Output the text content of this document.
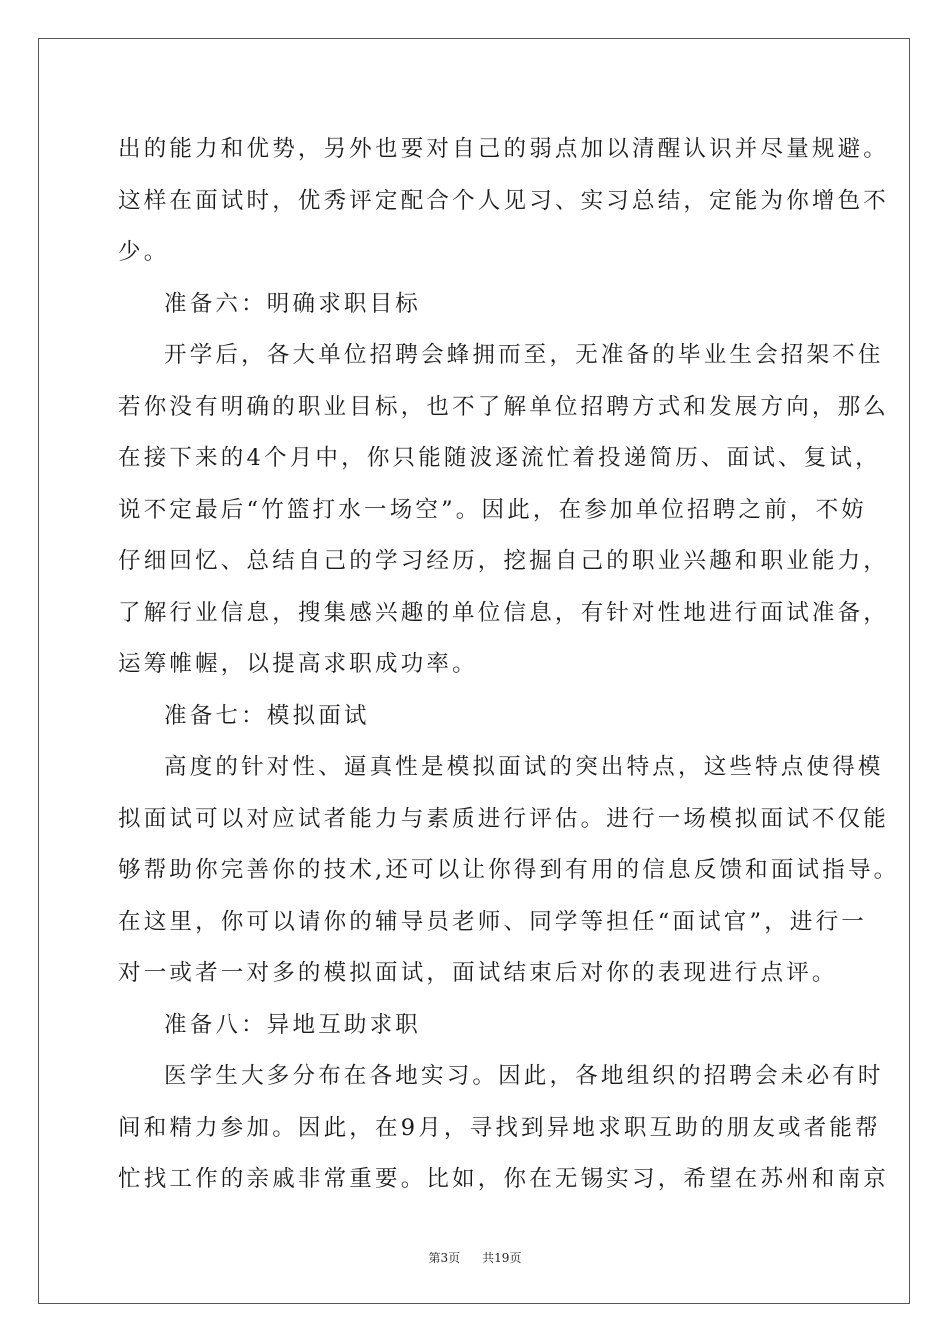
出的能力和优势，另外也要对自己的弱点加以清醒认识并尽量规避。
这样在面试时，优秀评定配合个人见习、实习总结，定能为你增色不
少。
准备六：明确求职目标
开学后，各大单位招聘会蜂拥而至，无准备的毕业生会招架不住
若你没有明确的职业目标，也不了解单位招聘方式和发展方向，那么
在接下来的4个月中，你只能随波逐流忙着投递简历、面试、复试，
说不定最后“竹篮打水一场空”。因此，在参加单位招聘之前，不妨
仔细回忆、总结自己的学习经历，挖掘自己的职业兴趣和职业能力，
了解行业信息，搜集感兴趣的单位信息，有针对性地进行面试准备，
运筹帷幄，以提高求职成功率。
准备七：模拟面试
高度的针对性、逼真性是模拟面试的突出特点，这些特点使得模
拟面试可以对应试者能力与素质进行评估。进行一场模拟面试不仅能
够帮助你完善你的技术,还可以让你得到有用的信息反馈和面试指导。
在这里，你可以请你的辅导员老师、同学等担任“面试官”，进行一
对一或者一对多的模拟面试，面试结束后对你的表现进行点评。
准备八：异地互助求职
医学生大多分布在各地实习。因此，各地组织的招聘会未必有时
间和精力参加。因此，在9月，寻找到异地求职互助的朋友或者能帮
忙找工作的亲戚非常重要。比如，你在无锡实习，希望在苏州和南京
第3页 共19页
